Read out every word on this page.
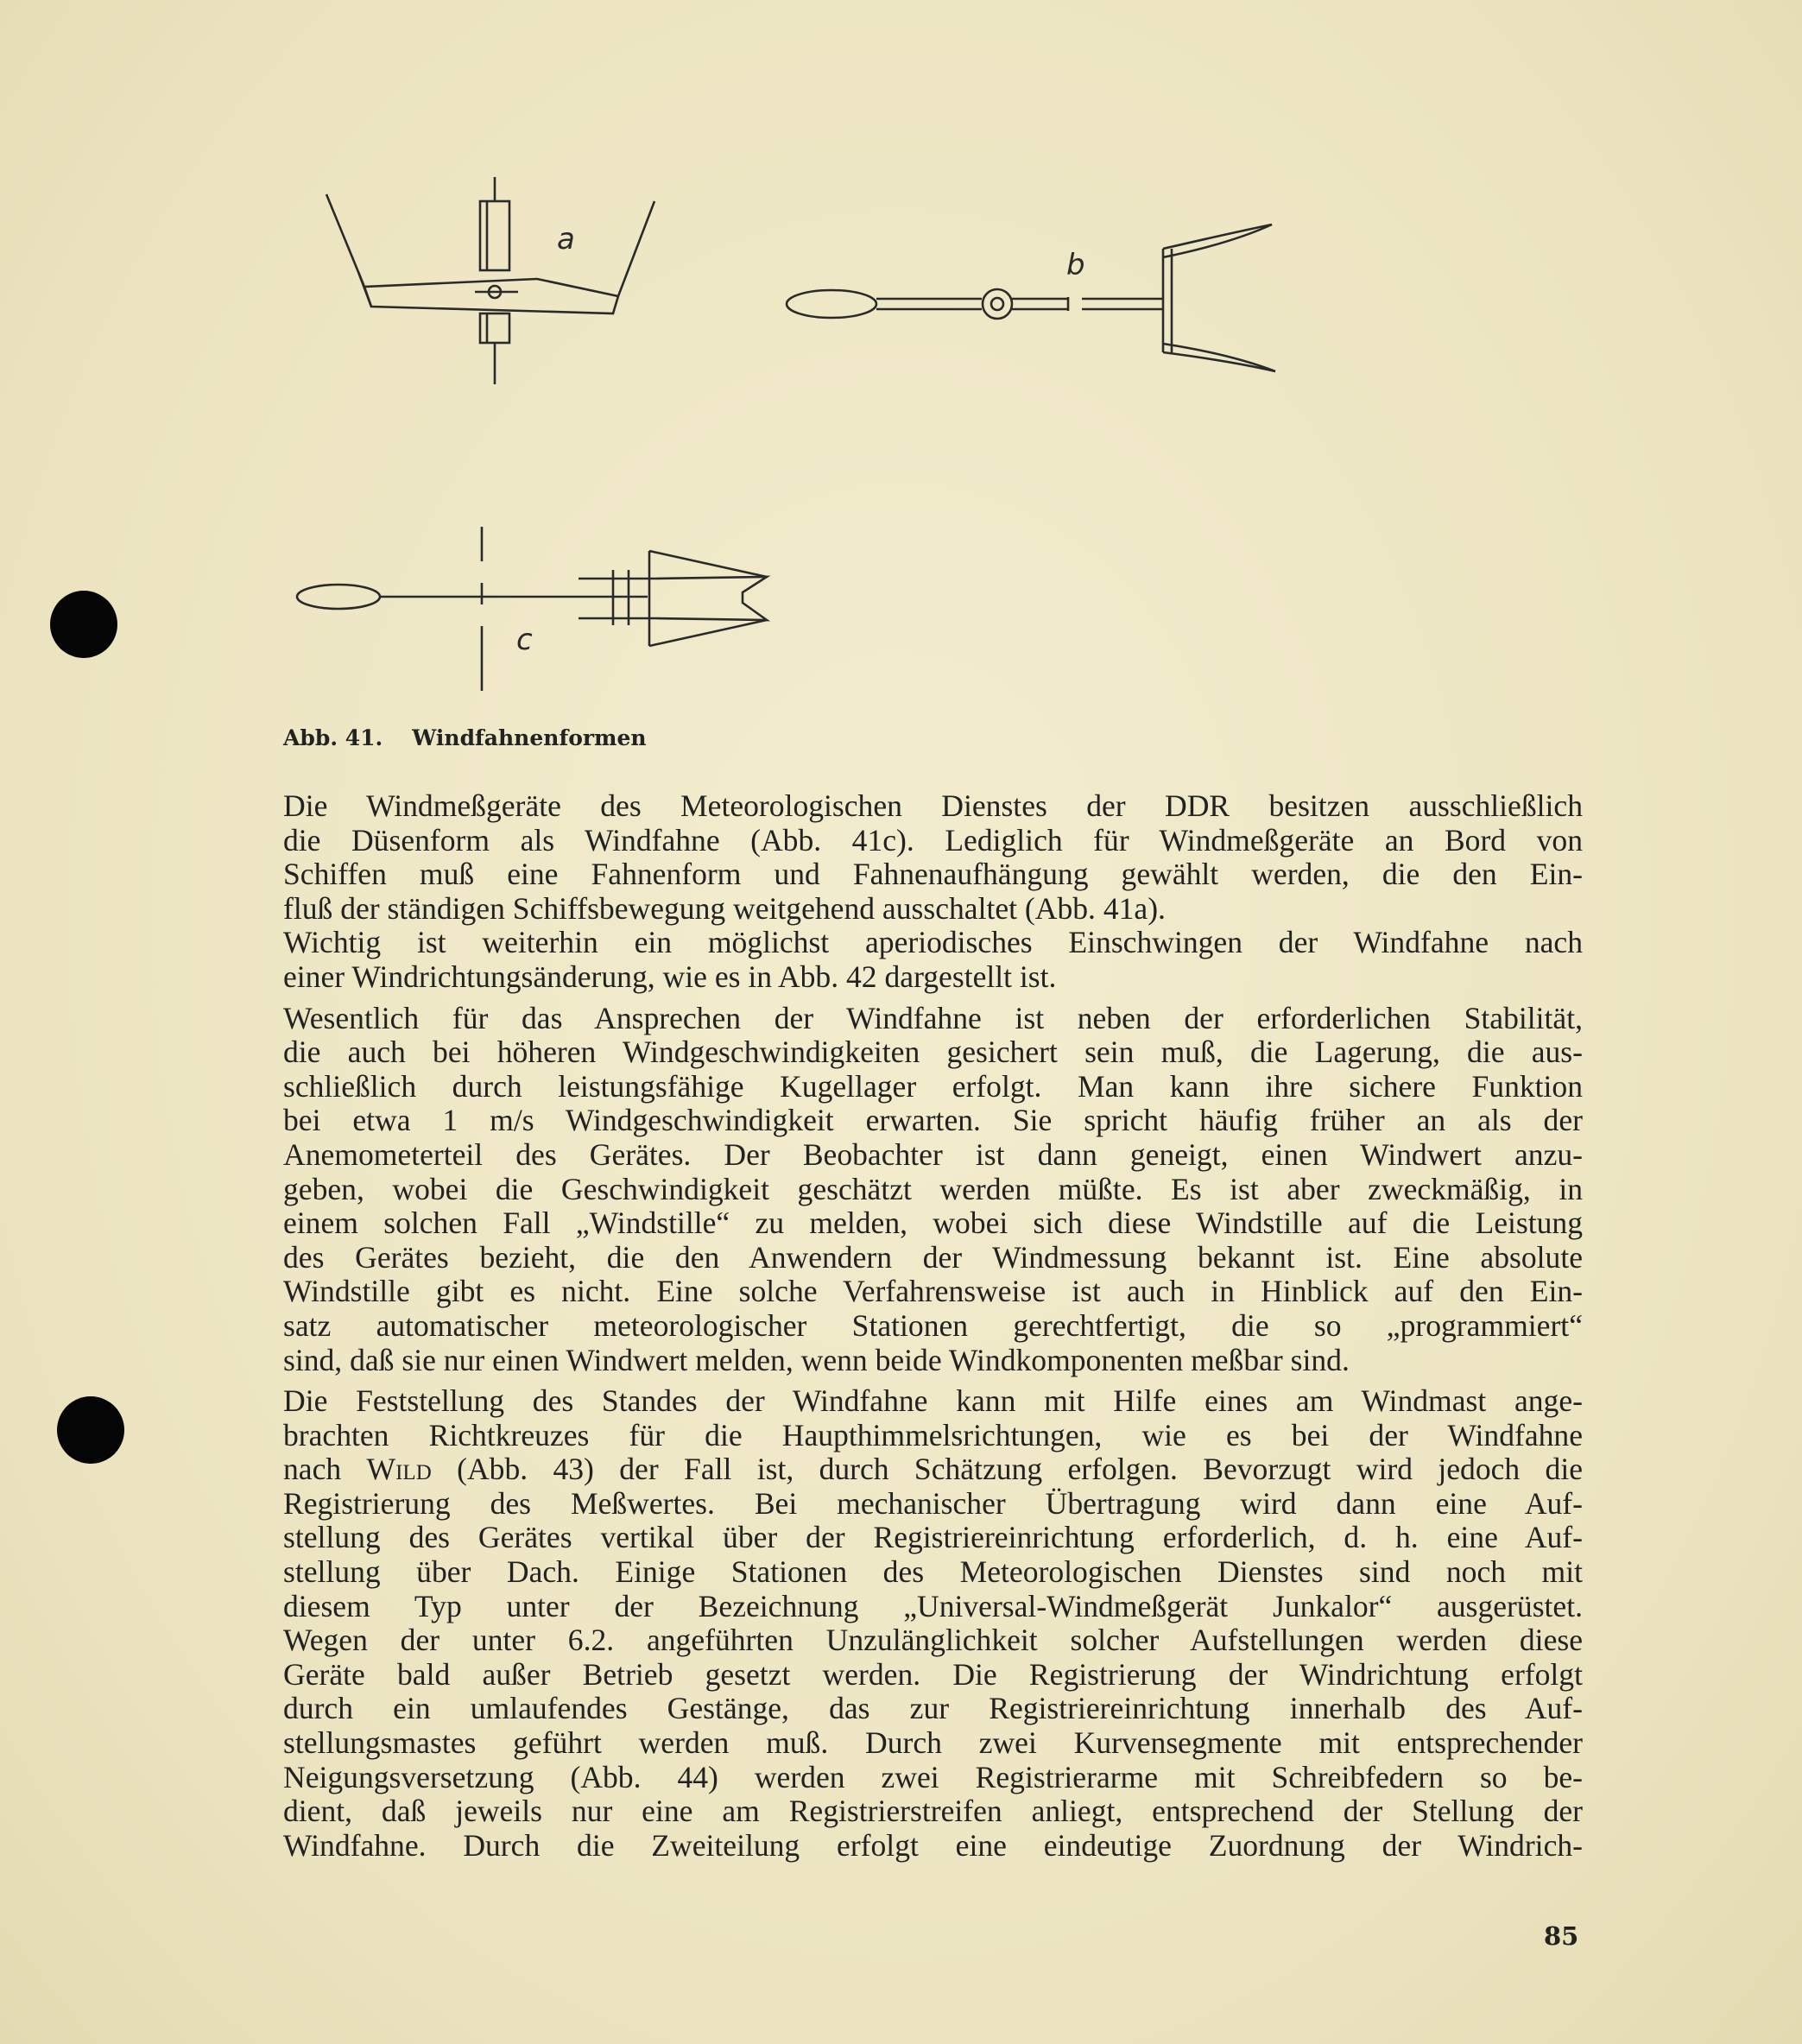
a
b
c
Abb. 41. Windfahnenformen
Die Windmeßgeräte des Meteorologischen Dienstes der DDR besitzen ausschließlich
die Düsenform als Windfahne (Abb. 41c). Lediglich für Windmeßgeräte an Bord von
Schiffen muß eine Fahnenform und Fahnenaufhängung gewählt werden, die den Ein-
fluß der ständigen Schiffsbewegung weitgehend ausschaltet (Abb. 41a).
Wichtig ist weiterhin ein möglichst aperiodisches Einschwingen der Windfahne nach
einer Windrichtungsänderung, wie es in Abb. 42 dargestellt ist.
Wesentlich für das Ansprechen der Windfahne ist neben der erforderlichen Stabilität,
die auch bei höheren Windgeschwindigkeiten gesichert sein muß, die Lagerung, die aus-
schließlich durch leistungsfähige Kugellager erfolgt. Man kann ihre sichere Funktion
bei etwa 1 m/s Windgeschwindigkeit erwarten. Sie spricht häufig früher an als der
Anemometerteil des Gerätes. Der Beobachter ist dann geneigt, einen Windwert anzu-
geben, wobei die Geschwindigkeit geschätzt werden müßte. Es ist aber zweckmäßig, in
einem solchen Fall „Windstille“ zu melden, wobei sich diese Windstille auf die Leistung
des Gerätes bezieht, die den Anwendern der Windmessung bekannt ist. Eine absolute
Windstille gibt es nicht. Eine solche Verfahrensweise ist auch in Hinblick auf den Ein-
satz automatischer meteorologischer Stationen gerechtfertigt, die so „programmiert“
sind, daß sie nur einen Windwert melden, wenn beide Windkomponenten meßbar sind.
Die Feststellung des Standes der Windfahne kann mit Hilfe eines am Windmast ange-
brachten Richtkreuzes für die Haupthimmelsrichtungen, wie es bei der Windfahne
nach Wild (Abb. 43) der Fall ist, durch Schätzung erfolgen. Bevorzugt wird jedoch die
Registrierung des Meßwertes. Bei mechanischer Übertragung wird dann eine Auf-
stellung des Gerätes vertikal über der Registriereinrichtung erforderlich, d. h. eine Auf-
stellung über Dach. Einige Stationen des Meteorologischen Dienstes sind noch mit
diesem Typ unter der Bezeichnung „Universal-Windmeßgerät Junkalor“ ausgerüstet.
Wegen der unter 6.2. angeführten Unzulänglichkeit solcher Aufstellungen werden diese
Geräte bald außer Betrieb gesetzt werden. Die Registrierung der Windrichtung erfolgt
durch ein umlaufendes Gestänge, das zur Registriereinrichtung innerhalb des Auf-
stellungsmastes geführt werden muß. Durch zwei Kurvensegmente mit entsprechender
Neigungsversetzung (Abb. 44) werden zwei Registrierarme mit Schreibfedern so be-
dient, daß jeweils nur eine am Registrierstreifen anliegt, entsprechend der Stellung der
Windfahne. Durch die Zweiteilung erfolgt eine eindeutige Zuordnung der Windrich-
85
